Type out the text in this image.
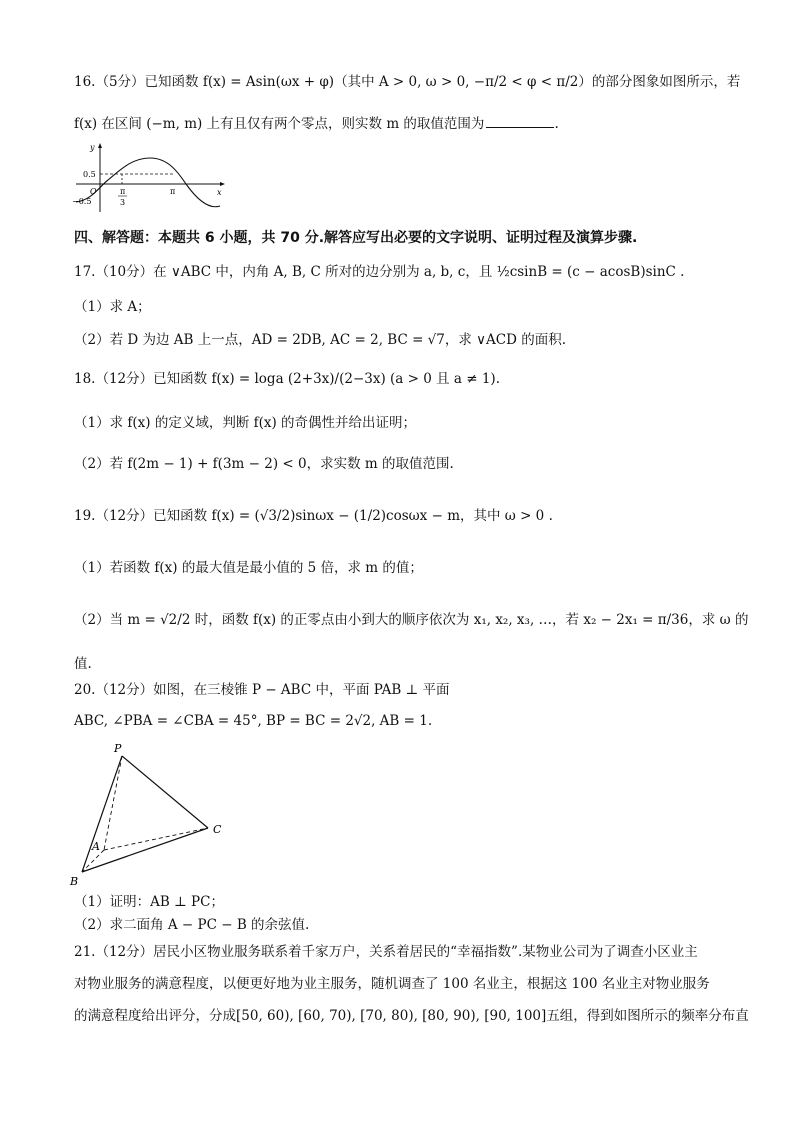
16.（5分）已知函数 f(x) = Asin(ωx + φ)（其中 A > 0, ω > 0, −π/2 < φ < π/2）的部分图象如图所示，若
f(x) 在区间 (−m, m) 上有且仅有两个零点，则实数 m 的取值范围为	.
y
x
0.5
−0.5
O	π
3
π
四、解答题：本题共 6 小题，共 70 分.解答应写出必要的文字说明、证明过程及演算步骤.
17.（10分）在 ∨ABC 中，内角 A, B, C 所对的边分别为 a, b, c，且 ½csinB = (c − acosB)sinC .
（1）求 A；
（2）若 D 为边 AB 上一点，AD = 2DB, AC = 2, BC = √7，求 ∨ACD 的面积.
18.（12分）已知函数 f(x) = loga (2+3x)/(2−3x) (a > 0 且 a ≠ 1).
（1）求 f(x) 的定义域，判断 f(x) 的奇偶性并给出证明；
（2）若 f(2m − 1) + f(3m − 2) < 0，求实数 m 的取值范围.
19.（12分）已知函数 f(x) = (√3/2)sinωx − (1/2)cosωx − m，其中 ω > 0 .
（1）若函数 f(x) 的最大值是最小值的 5 倍，求 m 的值；
（2）当 m = √2/2 时，函数 f(x) 的正零点由小到大的顺序依次为 x₁, x₂, x₃, …，若 x₂ − 2x₁ = π/36，求 ω 的
值.
20.（12分）如图，在三棱锥 P − ABC 中，平面 PAB ⊥ 平面
ABC, ∠PBA = ∠CBA = 45°, BP = BC = 2√2, AB = 1.
P
A
B
C
（1）证明：AB ⊥ PC；
（2）求二面角 A − PC − B 的余弦值.
21.（12分）居民小区物业服务联系着千家万户，关系着居民的“幸福指数”.某物业公司为了调查小区业主
对物业服务的满意程度，以便更好地为业主服务，随机调查了 100 名业主，根据这 100 名业主对物业服务
的满意程度给出评分，分成[50, 60), [60, 70), [70, 80), [80, 90), [90, 100]五组，得到如图所示的频率分布直
